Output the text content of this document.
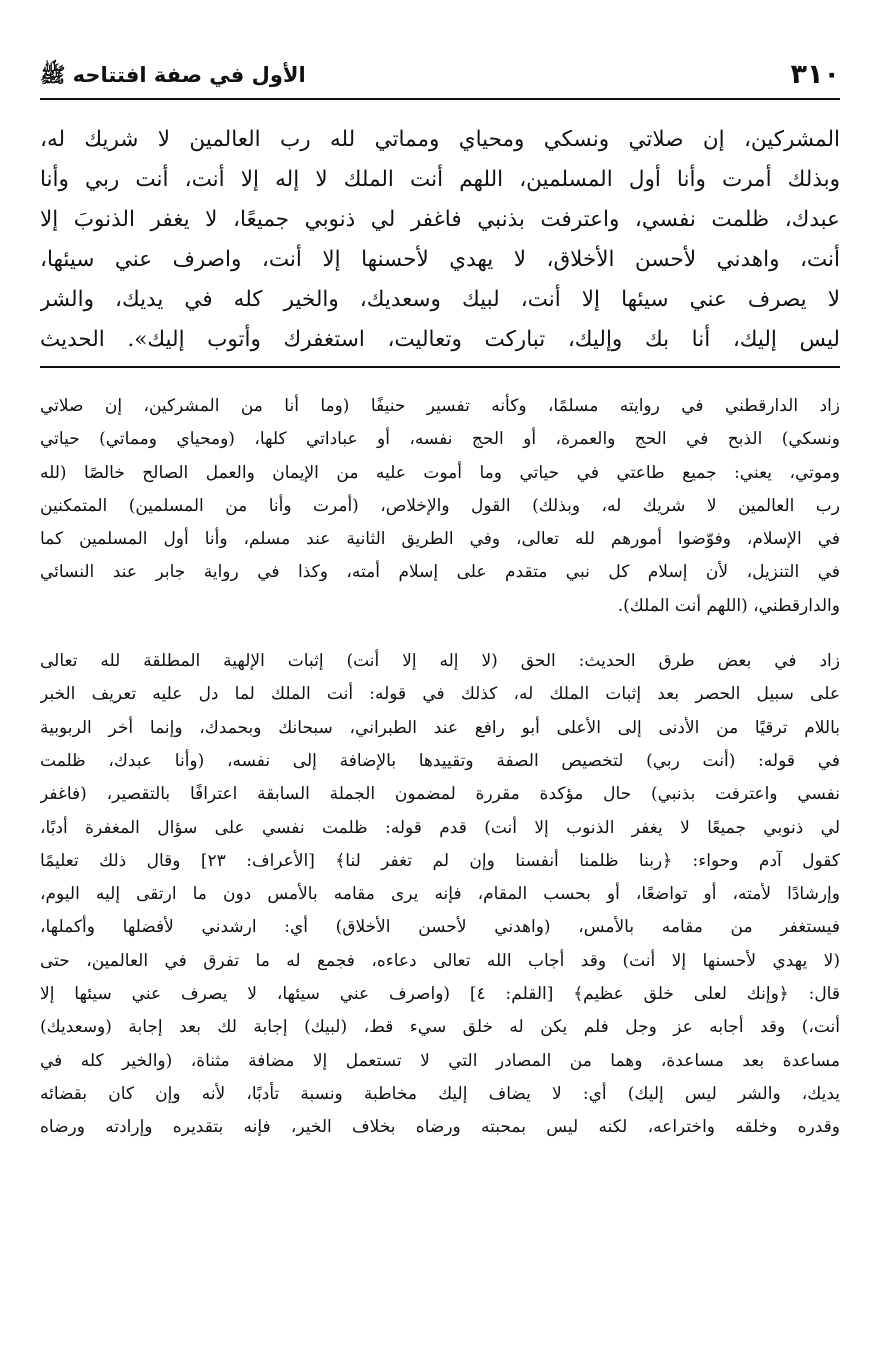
٣١٠
الأول في صفة افتتاحه ﷺ
المشركين، إن صلاتي ونسكي ومحياي ومماتي لله رب العالمين لا شريك له،
وبذلك أمرت وأنا أول المسلمين، اللهم أنت الملك لا إله إلا أنت، أنت ربي وأنا
عبدك، ظلمت نفسي، واعترفت بذنبي فاغفر لي ذنوبي جميعًا، لا يغفر الذنوبَ إلا
أنت، واهدني لأحسن الأخلاق، لا يهدي لأحسنها إلا أنت، واصرف عني سيئها،
لا يصرف عني سيئها إلا أنت، لبيك وسعديك، والخير كله في يديك، والشر
ليس إليك، أنا بك وإليك، تباركت وتعاليت، استغفرك وأتوب إليك». الحديث
زاد الدارقطني في روايته مسلمًا، وكأنه تفسير حنيفًا (وما أنا من المشركين، إن صلاتي
ونسكي) الذبح في الحج والعمرة، أو الحج نفسه، أو عباداتي كلها، (ومحياي ومماتي) حياتي
وموتي، يعني: جميع طاعتي في حياتي وما أموت عليه من الإيمان والعمل الصالح خالصًا (لله
رب العالمين لا شريك له، وبذلك) القول والإخلاص، (أمرت وأنا من المسلمين) المتمكنين
في الإسلام، وفوّضوا أمورهم لله تعالى، وفي الطريق الثانية عند مسلم، وأنا أول المسلمين كما
في التنزيل، لأن إسلام كل نبي متقدم على إسلام أمته، وكذا في رواية جابر عند النسائي
والدارقطني، (اللهم أنت الملك).
زاد في بعض طرق الحديث: الحق (لا إله إلا أنت) إثبات الإلهية المطلقة لله تعالى
على سبيل الحصر بعد إثبات الملك له، كذلك في قوله: أنت الملك لما دل عليه تعريف الخبر
باللام ترقيًا من الأدنى إلى الأعلى أبو رافع عند الطبراني، سبحانك وبحمدك، وإنما أخر الربوبية
في قوله: (أنت ربي) لتخصيص الصفة وتقييدها بالإضافة إلى نفسه، (وأنا عبدك، ظلمت
نفسي واعترفت بذنبي) حال مؤكدة مقررة لمضمون الجملة السابقة اعترافًا بالتقصير، (فاغفر
لي ذنوبي جميعًا لا يغفر الذنوب إلا أنت) قدم قوله: ظلمت نفسي على سؤال المغفرة أدبًا،
كقول آدم وحواء: ﴿ربنا ظلمنا أنفسنا وإن لم تغفر لنا﴾ [الأعراف: ٢٣] وقال ذلك تعليمًا
وإرشادًا لأمته، أو تواضعًا، أو بحسب المقام، فإنه يرى مقامه بالأمس دون ما ارتقى إليه اليوم،
فيستغفر من مقامه بالأمس، (واهدني لأحسن الأخلاق) أي: ارشدني لأفضلها وأكملها،
(لا يهدي لأحسنها إلا أنت) وقد أجاب الله تعالى دعاءه، فجمع له ما تفرق في العالمين، حتى
قال: ﴿وإنك لعلى خلق عظيم﴾ [القلم: ٤] (واصرف عني سيئها، لا يصرف عني سيئها إلا
أنت،) وقد أجابه عز وجل فلم يكن له خلق سيء قط، (لبيك) إجابة لك بعد إجابة (وسعديك)
مساعدة بعد مساعدة، وهما من المصادر التي لا تستعمل إلا مضافة مثناة، (والخير كله في
يديك، والشر ليس إليك) أي: لا يضاف إليك مخاطبة ونسبة تأدبًا، لأنه وإن كان بقضائه
وقدره وخلقه واختراعه، لكنه ليس بمحبته ورضاه بخلاف الخير، فإنه بتقديره وإرادته ورضاه
